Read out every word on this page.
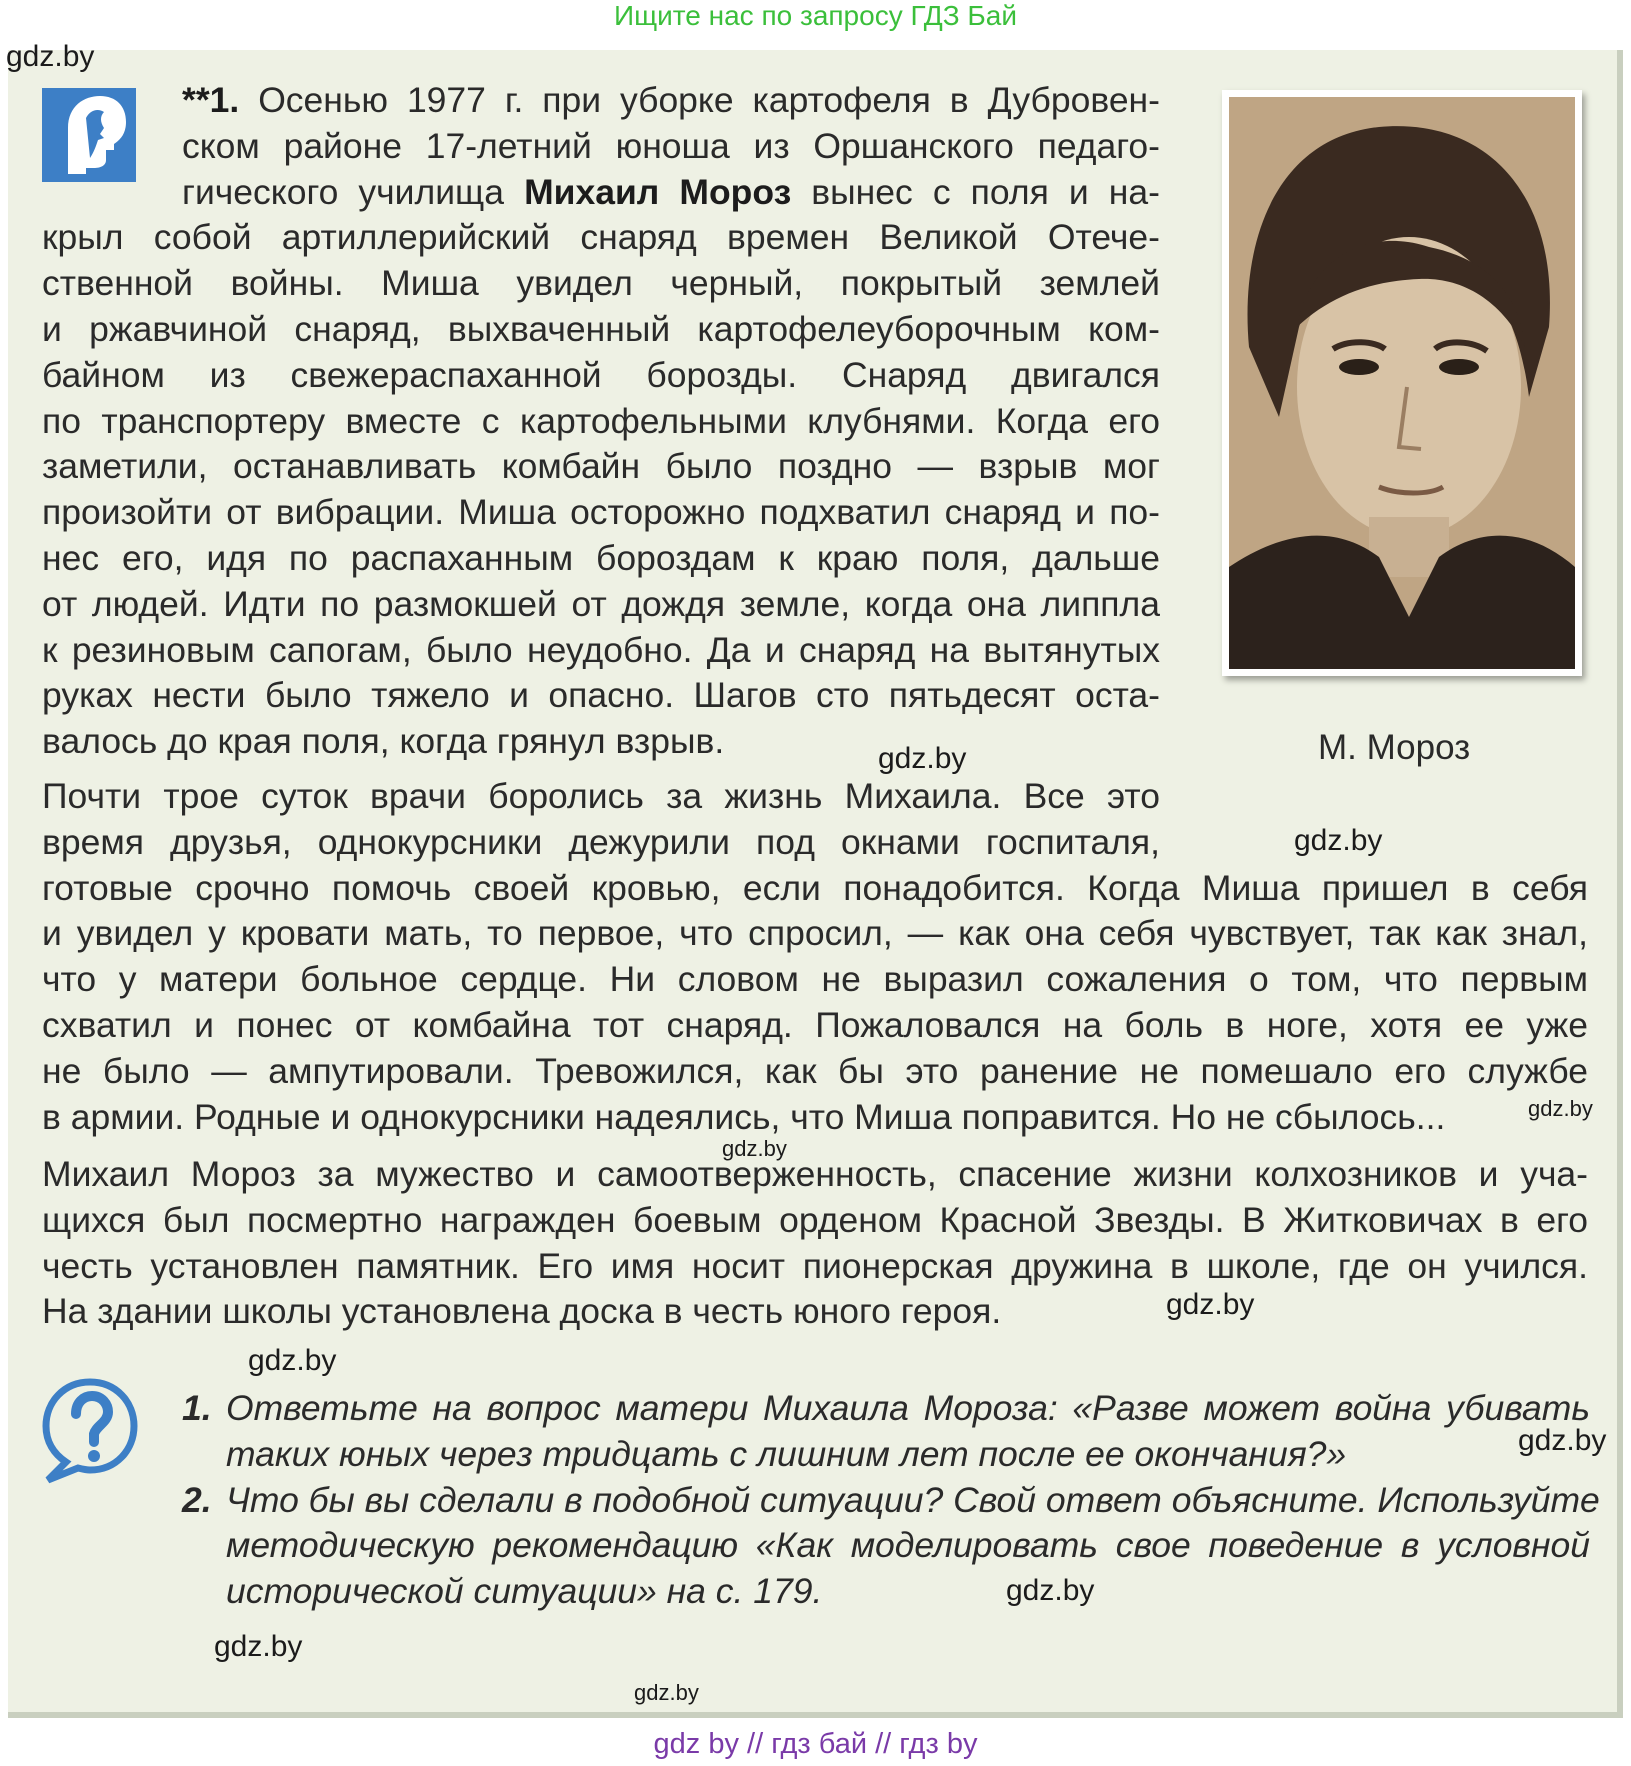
Ищите нас по запросу ГДЗ Бай
gdz.by
gdz.by
gdz.by
gdz.by
gdz.by
gdz.by
gdz.by
gdz.by
gdz.by
gdz.by
gdz.by
**1. Осенью 1977 г. при уборке картофеля в Дубровен-
ском районе 17-летний юноша из Оршанского педаго-
гического училища Михаил Мороз вынес с поля и на-
крыл собой артиллерийский снаряд времен Великой Отече-
ственной войны. Миша увидел черный, покрытый землей
и ржавчиной снаряд, выхваченный картофелеуборочным ком-
байном из свежераспаханной борозды. Снаряд двигался
по транспортеру вместе с картофельными клубнями. Когда его
заметили, останавливать комбайн было поздно — взрыв мог
произойти от вибрации. Миша осторожно подхватил снаряд и по-
нес его, идя по распаханным бороздам к краю поля, дальше
от людей. Идти по размокшей от дождя земле, когда она липпла
к резиновым сапогам, было неудобно. Да и снаряд на вытянутых
руках нести было тяжело и опасно. Шагов сто пятьдесят оста-
валось до края поля, когда грянул взрыв.
Почти трое суток врачи боролись за жизнь Михаила. Все это
время друзья, однокурсники дежурили под окнами госпиталя,
готовые срочно помочь своей кровью, если понадобится. Когда Миша пришел в себя
и увидел у кровати мать, то первое, что спросил, — как она себя чувствует, так как знал,
что у матери больное сердце. Ни словом не выразил сожаления о том, что первым
схватил и понес от комбайна тот снаряд. Пожаловался на боль в ноге, хотя ее уже
не было — ампутировали. Тревожился, как бы это ранение не помешало его службе
в армии. Родные и однокурсники надеялись, что Миша поправится. Но не сбылось...
Михаил Мороз за мужество и самоотверженность, спасение жизни колхозников и уча-
щихся был посмертно награжден боевым орденом Красной Звезды. В Житковичах в его
честь установлен памятник. Его имя носит пионерская дружина в школе, где он учился.
На здании школы установлена доска в честь юного героя.
М. Мороз
1. Ответьте на вопрос матери Михаила Мороза: «Разве может война убивать
таких юных через тридцать с лишним лет после ее окончания?»
2. Что бы вы сделали в подобной ситуации? Свой ответ объясните. Используйте
методическую рекомендацию «Как моделировать свое поведение в условной
исторической ситуации» на с. 179.
gdz by // гдз бай // гдз by
